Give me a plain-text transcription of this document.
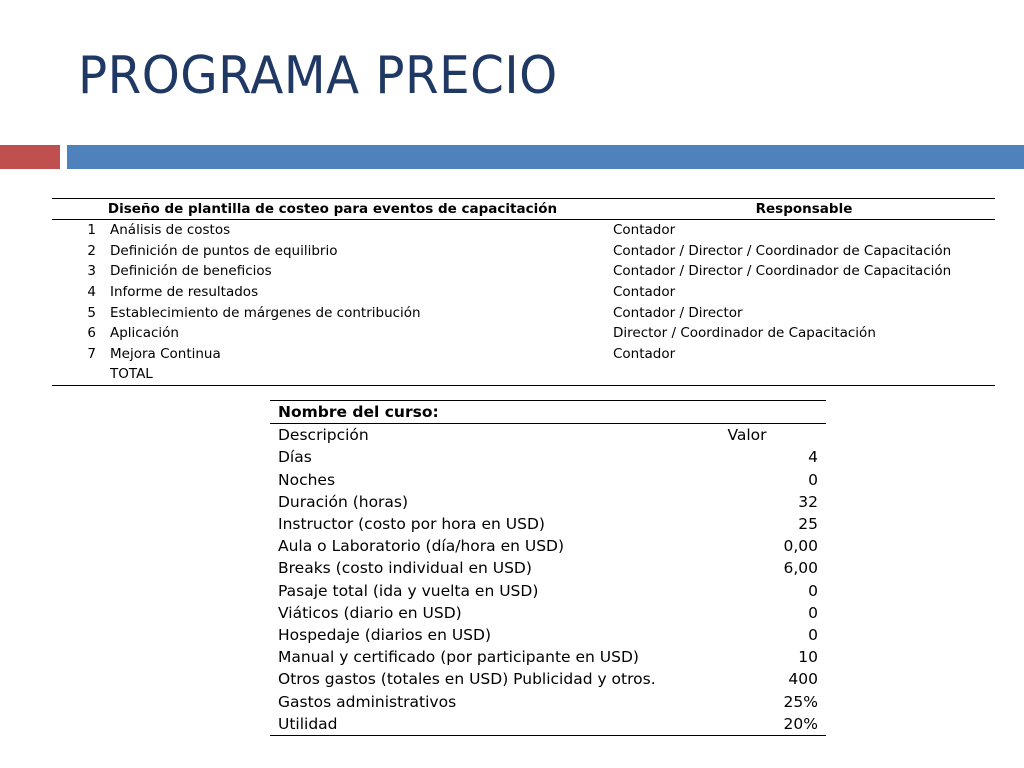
PROGRAMA PRECIO
Diseño de plantilla de costeo para eventos de capacitación		Responsable
1	Análisis de costos	Contador
2	Definición de puntos de equilibrio	Contador / Director / Coordinador de Capacitación
3	Definición de beneficios	Contador / Director / Coordinador de Capacitación
4	Informe de resultados	Contador
5	Establecimiento de márgenes de contribución	Contador / Director
6	Aplicación	Director / Coordinador de Capacitación
7	Mejora Continua	Contador
	TOTAL	
Nombre del curso:	
Descripción	Valor
Días	4
Noches	0
Duración (horas)	32
Instructor (costo por hora en USD)	25
Aula o Laboratorio (día/hora en USD)	0,00
Breaks (costo individual en USD)	6,00
Pasaje total (ida y vuelta en USD)	0
Viáticos (diario en USD)	0
Hospedaje (diarios en USD)	0
Manual y certificado (por participante en USD)	10
Otros gastos (totales en USD) Publicidad y otros.	400
Gastos administrativos	25%
Utilidad	20%
